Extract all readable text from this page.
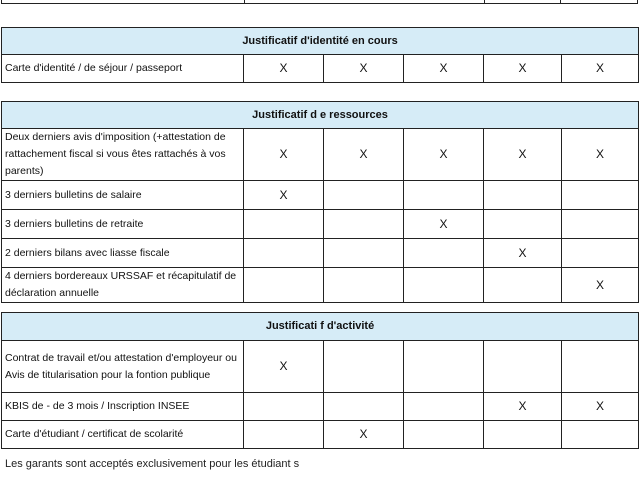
Justificatif d'identité en cours
Carte d'identité / de séjour / passeport	X	X	X	X	X
Justificatif d e ressources					
Deux derniers avis d'imposition (+attestation de rattachement fiscal si vous êtes rattachés à vos parents)	X	X	X	X	X
3 derniers bulletins de salaire	X				
3 derniers bulletins de retraite			X		
2 derniers bilans avec liasse fiscale				X	
4 derniers bordereaux URSSAF et récapitulatif de déclaration annuelle					X
Justificati f d'activité					
Contrat de travail et/ou attestation d'employeur ou Avis de titularisation pour la fontion publique	X				
KBIS de - de 3 mois / Inscription INSEE				X	X
Carte d'étudiant / certificat de scolarité		X			
Les garants sont acceptés exclusivement pour les étudiant s
